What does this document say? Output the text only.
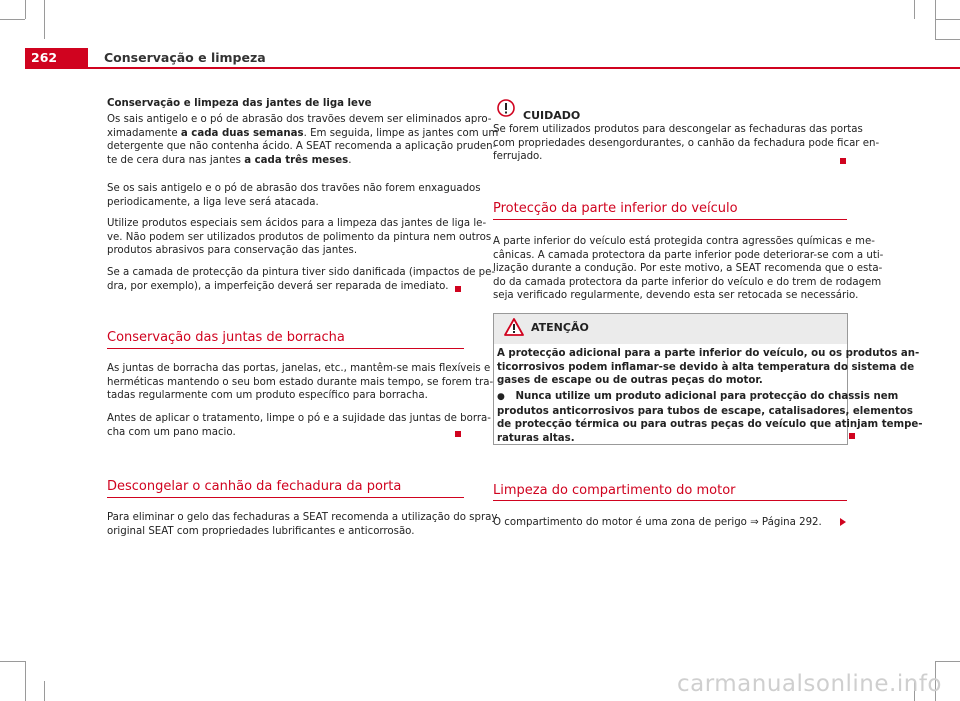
262	Conservação e limpeza
Conservação e limpeza das jantes de liga leve

Os sais antigelo e o pó de abrasão dos travões devem ser eliminados apro-
ximadamente a cada duas semanas. Em seguida, limpe as jantes com um
detergente que não contenha ácido. A SEAT recomenda a aplicação pruden-
te de cera dura nas jantes a cada três meses.

Se os sais antigelo e o pó de abrasão dos travões não forem enxaguados
periodicamente, a liga leve será atacada.

Utilize produtos especiais sem ácidos para a limpeza das jantes de liga le-
ve. Não podem ser utilizados produtos de polimento da pintura nem outros
produtos abrasivos para conservação das jantes.

Se a camada de protecção da pintura tiver sido danificada (impactos de pe-
dra, por exemplo), a imperfeição deverá ser reparada de imediato.

Conservação das juntas de borracha

As juntas de borracha das portas, janelas, etc., mantêm-se mais flexíveis e
herméticas mantendo o seu bom estado durante mais tempo, se forem tra-
tadas regularmente com um produto específico para borracha.

Antes de aplicar o tratamento, limpe o pó e a sujidade das juntas de borra-
cha com um pano macio.

Descongelar o canhão da fechadura da porta

Para eliminar o gelo das fechaduras a SEAT recomenda a utilização do spray
original SEAT com propriedades lubrificantes e anticorrosão.

CUIDADO

Se forem utilizados produtos para descongelar as fechaduras das portas
com propriedades desengordurantes, o canhão da fechadura pode ficar en-
ferrujado.

Protecção da parte inferior do veículo

A parte inferior do veículo está protegida contra agressões químicas e me-
cânicas. A camada protectora da parte inferior pode deteriorar-se com a uti-
lização durante a condução. Por este motivo, a SEAT recomenda que o esta-
do da camada protectora da parte inferior do veículo e do trem de rodagem
seja verificado regularmente, devendo esta ser retocada se necessário.

ATENÇÃO

A protecção adicional para a parte inferior do veículo, ou os produtos an-
ticorrosivos podem inflamar-se devido à alta temperatura do sistema de
gases de escape ou de outras peças do motor.

● Nunca utilize um produto adicional para protecção do chassis nem
produtos anticorrosivos para tubos de escape, catalisadores, elementos
de protecção térmica ou para outras peças do veículo que atinjam tempe-
raturas altas.

Limpeza do compartimento do motor

O compartimento do motor é uma zona de perigo ⇒ Página 292.

carmanualsonline.info
